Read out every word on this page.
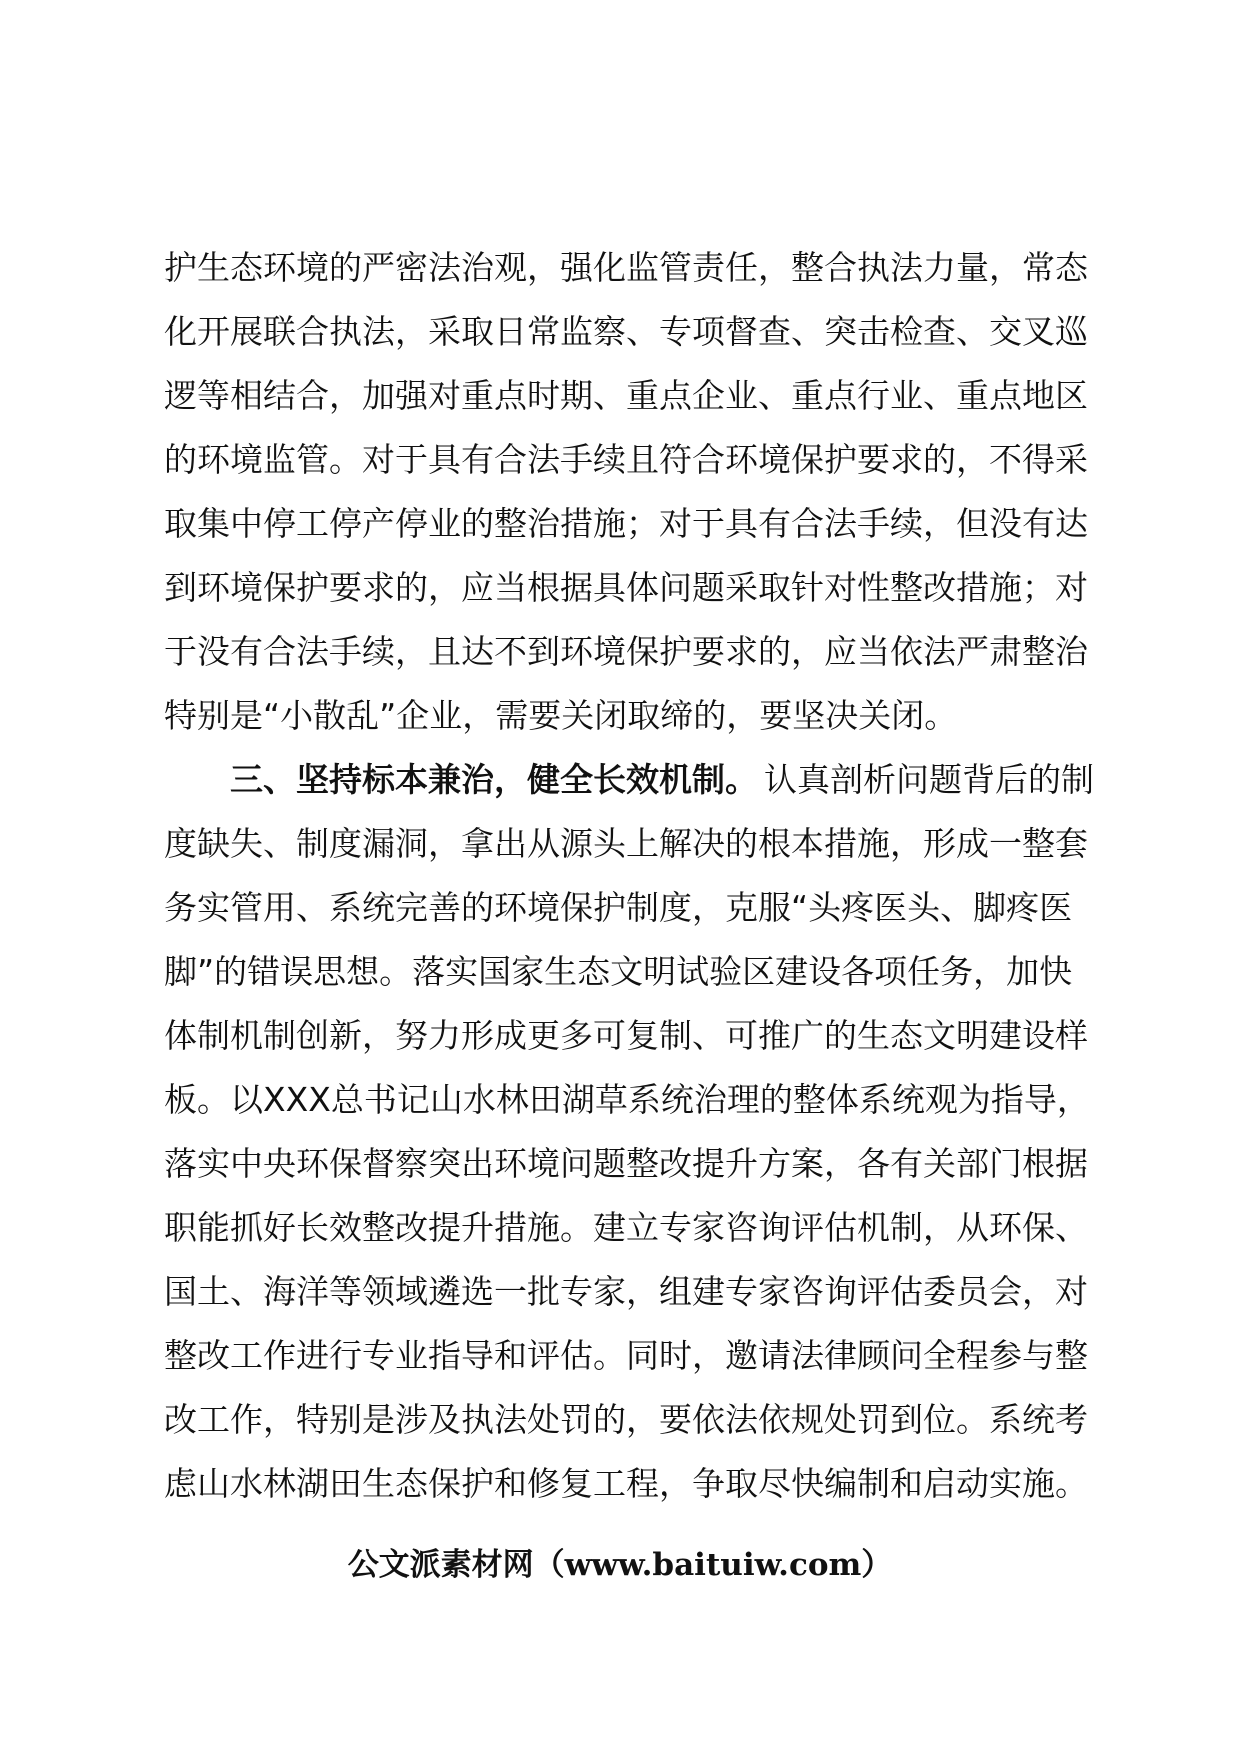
护生态环境的严密法治观，强化监管责任，整合执法力量，常态
化开展联合执法，采取日常监察、专项督查、突击检查、交叉巡
逻等相结合，加强对重点时期、重点企业、重点行业、重点地区
的环境监管。对于具有合法手续且符合环境保护要求的，不得采
取集中停工停产停业的整治措施；对于具有合法手续，但没有达
到环境保护要求的，应当根据具体问题采取针对性整改措施；对
于没有合法手续，且达不到环境保护要求的，应当依法严肃整治
特别是“小散乱”企业，需要关闭取缔的，要坚决关闭。
三、坚持标本兼治，健全长效机制。 认真剖析问题背后的制
度缺失、制度漏洞，拿出从源头上解决的根本措施，形成一整套
务实管用、系统完善的环境保护制度，克服“头疼医头、脚疼医
脚”的错误思想。落实国家生态文明试验区建设各项任务，加快
体制机制创新，努力形成更多可复制、可推广的生态文明建设样
板。以XXX总书记山水林田湖草系统治理的整体系统观为指导，
落实中央环保督察突出环境问题整改提升方案，各有关部门根据
职能抓好长效整改提升措施。建立专家咨询评估机制，从环保、
国土、海洋等领域遴选一批专家，组建专家咨询评估委员会，对
整改工作进行专业指导和评估。同时，邀请法律顾问全程参与整
改工作，特别是涉及执法处罚的，要依法依规处罚到位。系统考
虑山水林湖田生态保护和修复工程，争取尽快编制和启动实施。
公文派素材网（www.baituiw.com）
